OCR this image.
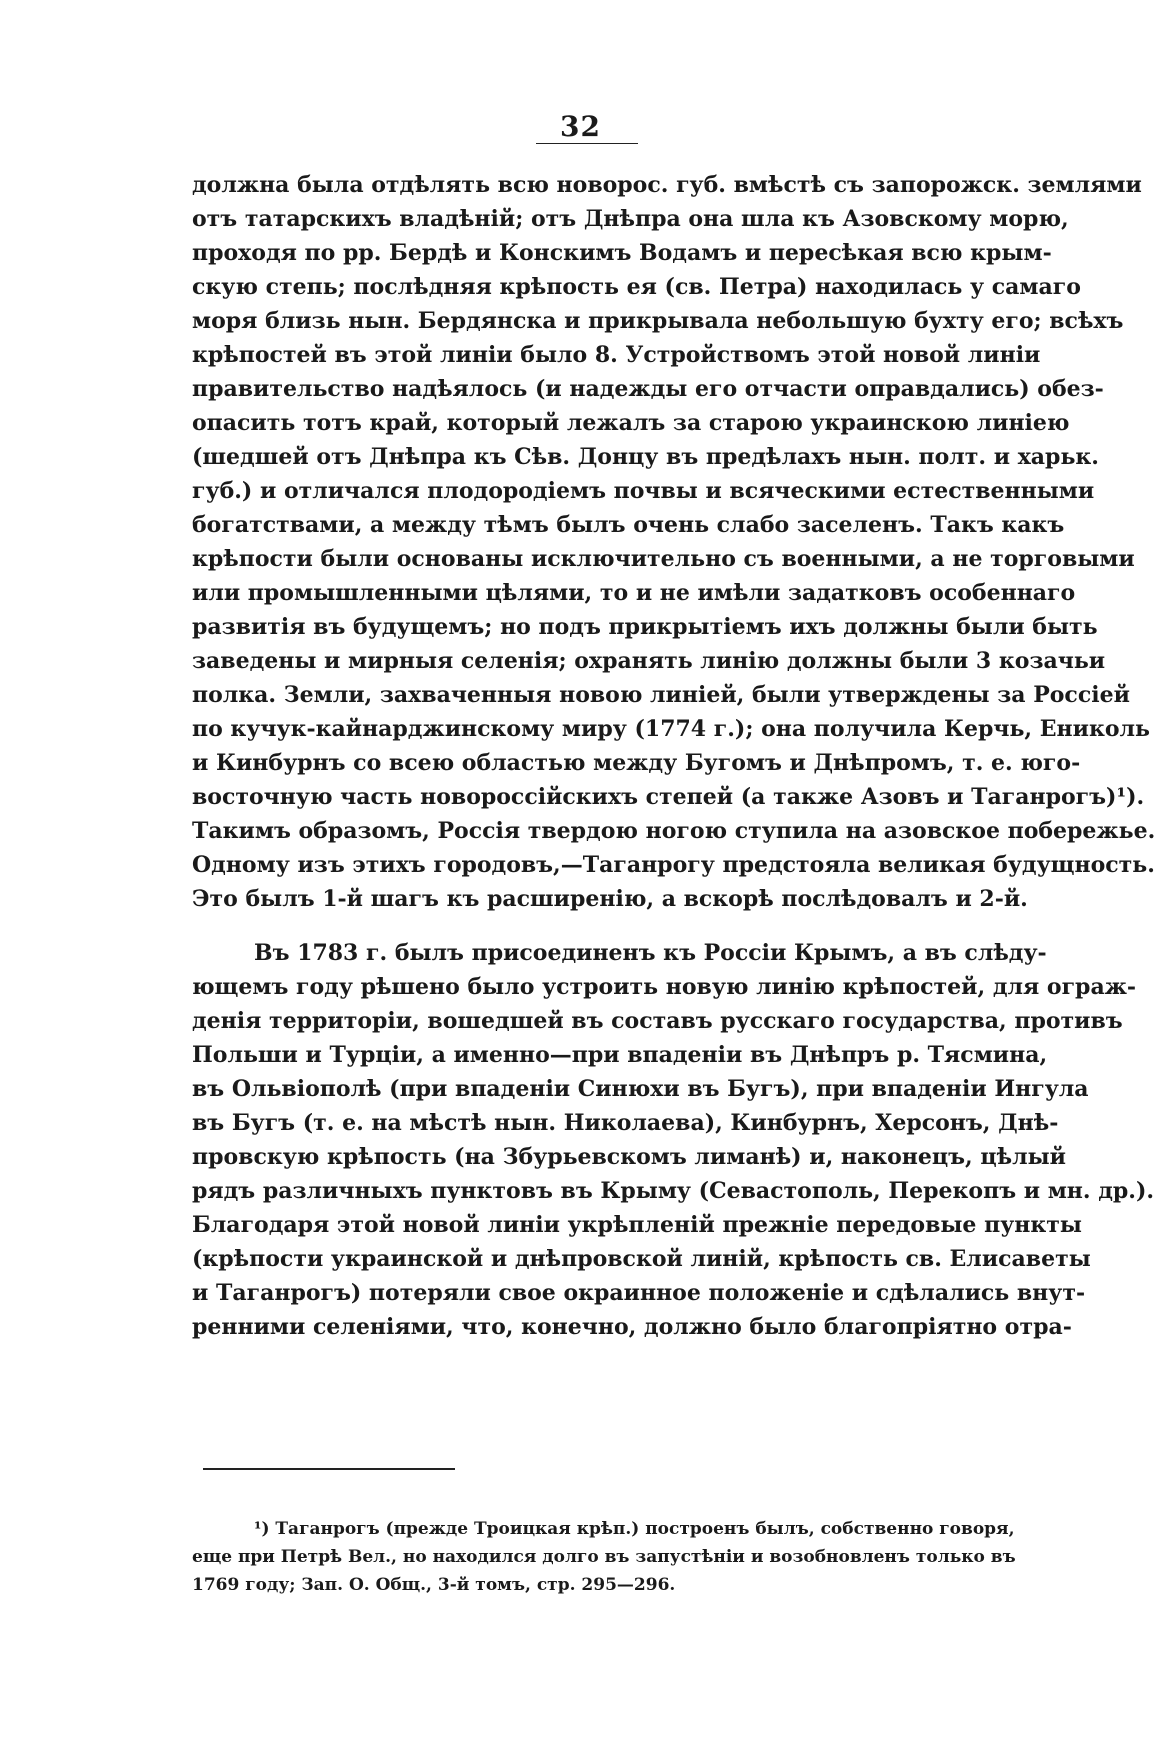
32
должна была отдѣлять всю новорос. губ. вмѣстѣ съ запорожск. землями
отъ татарскихъ владѣній; отъ Днѣпра она шла къ Азовскому морю,
проходя по рр. Бердѣ и Конскимъ Водамъ и пересѣкая всю крым-
скую степь; послѣдняя крѣпость ея (св. Петра) находилась у самаго
моря близь нын. Бердянска и прикрывала небольшую бухту его; всѣхъ
крѣпостей въ этой линіи было 8. Устройствомъ этой новой линіи
правительство надѣялось (и надежды его отчасти оправдались) обез-
опасить тотъ край, который лежалъ за старою украинскою линіею
(шедшей отъ Днѣпра къ Сѣв. Донцу въ предѣлахъ нын. полт. и харьк.
губ.) и отличался плодородіемъ почвы и всяческими естественными
богатствами, а между тѣмъ былъ очень слабо заселенъ. Такъ какъ
крѣпости были основаны исключительно съ военными, а не торговыми
или промышленными цѣлями, то и не имѣли задатковъ особеннаго
развитія въ будущемъ; но подъ прикрытіемъ ихъ должны были быть
заведены и мирныя селенія; охранять линію должны были 3 козачьи
полка. Земли, захваченныя новою линіей, были утверждены за Россіей
по кучук-кайнарджинскому миру (1774 г.); она получила Керчь, Ениколь
и Кинбурнъ со всею областью между Бугомъ и Днѣпромъ, т. е. юго-
восточную часть новороссійскихъ степей (а также Азовъ и Таганрогъ)¹).
Такимъ образомъ, Россія твердою ногою ступила на азовское побережье.
Одному изъ этихъ городовъ,—Таганрогу предстояла великая будущность.
Это былъ 1-й шагъ къ расширенію, а вскорѣ послѣдовалъ и 2-й.
Въ 1783 г. былъ присоединенъ къ Россіи Крымъ, а въ слѣду-
ющемъ году рѣшено было устроить новую линію крѣпостей, для ограж-
денія территоріи, вошедшей въ составъ русскаго государства, противъ
Польши и Турціи, а именно—при впаденіи въ Днѣпръ р. Тясмина,
въ Ольвіополѣ (при впаденіи Синюхи въ Бугъ), при впаденіи Ингула
въ Бугъ (т. е. на мѣстѣ нын. Николаева), Кинбурнъ, Херсонъ, Днѣ-
провскую крѣпость (на Збурьевскомъ лиманѣ) и, наконецъ, цѣлый
рядъ различныхъ пунктовъ въ Крыму (Севастополь, Перекопъ и мн. др.).
Благодаря этой новой линіи укрѣпленій прежніе передовые пункты
(крѣпости украинской и днѣпровской линій, крѣпость св. Елисаветы
и Таганрогъ) потеряли свое окраинное положеніе и сдѣлались внут-
ренними селеніями, что, конечно, должно было благопріятно отра-
¹) Таганрогъ (прежде Троицкая крѣп.) построенъ былъ, собственно говоря,
еще при Петрѣ Вел., но находился долго въ запустѣніи и возобновленъ только въ
1769 году; Зап. О. Общ., 3-й томъ, стр. 295—296.
